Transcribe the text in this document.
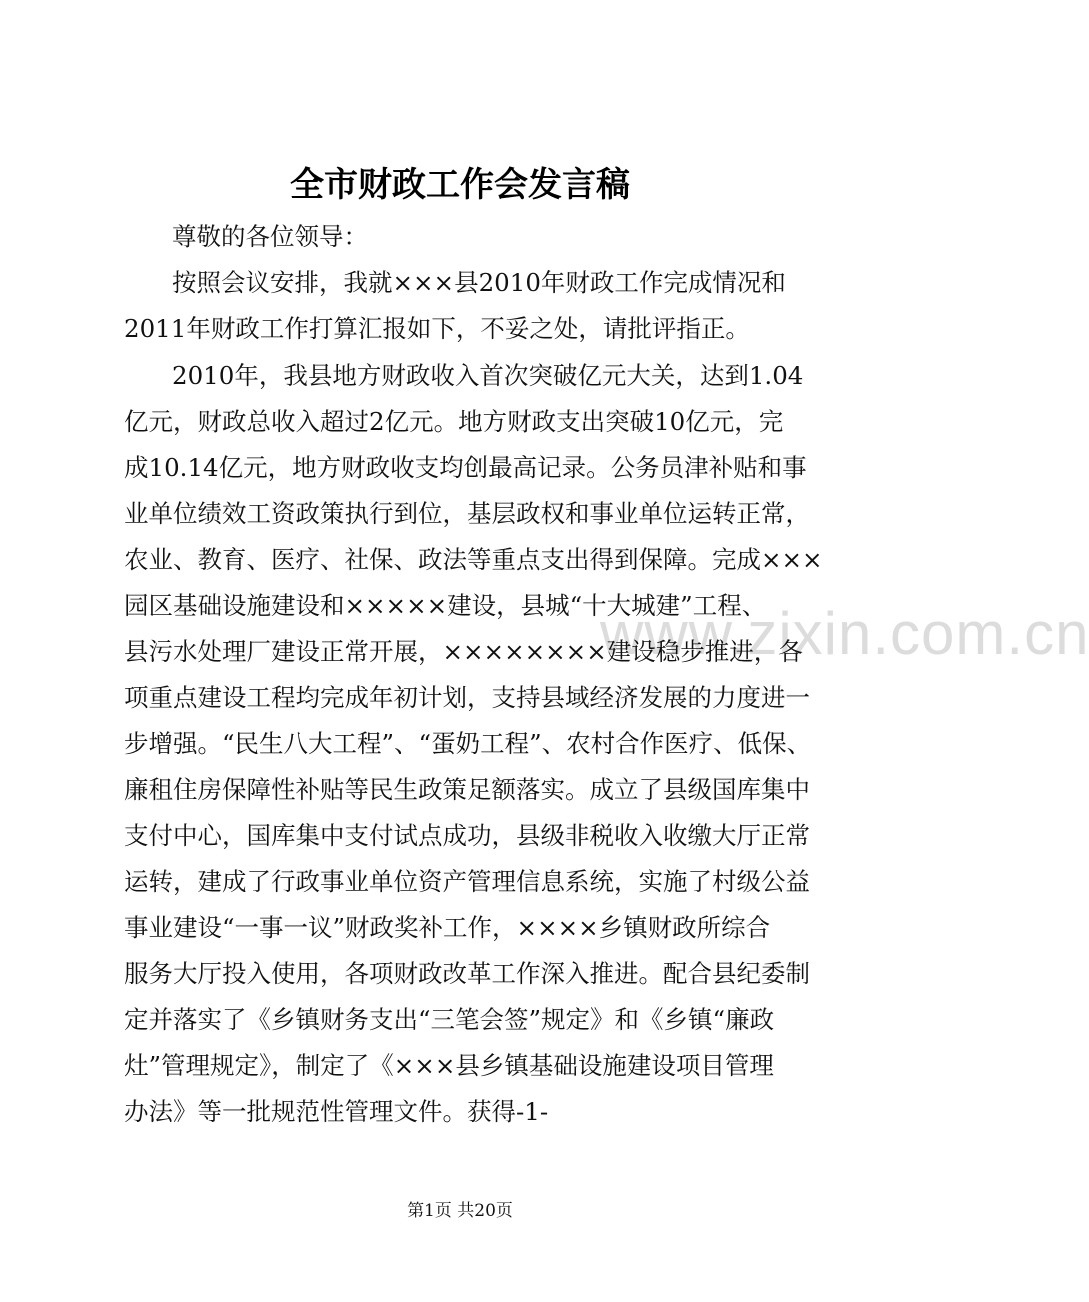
全市财政工作会发言稿
www.zixin.com.cn
尊敬的各位领导：
按照会议安排，我就×××县2010年财政工作完成情况和
2011年财政工作打算汇报如下，不妥之处，请批评指正。
2010年，我县地方财政收入首次突破亿元大关，达到1.04
亿元，财政总收入超过2亿元。地方财政支出突破10亿元，完
成10.14亿元，地方财政收支均创最高记录。公务员津补贴和事
业单位绩效工资政策执行到位，基层政权和事业单位运转正常，
农业、教育、医疗、社保、政法等重点支出得到保障。完成×××
园区基础设施建设和×××××建设，县城“十大城建”工程、
县污水处理厂建设正常开展，××××××××建设稳步推进，各
项重点建设工程均完成年初计划，支持县域经济发展的力度进一
步增强。“民生八大工程”、“蛋奶工程”、农村合作医疗、低保、
廉租住房保障性补贴等民生政策足额落实。成立了县级国库集中
支付中心，国库集中支付试点成功，县级非税收入收缴大厅正常
运转，建成了行政事业单位资产管理信息系统，实施了村级公益
事业建设“一事一议”财政奖补工作，××××乡镇财政所综合
服务大厅投入使用，各项财政改革工作深入推进。配合县纪委制
定并落实了《乡镇财务支出“三笔会签”规定》和《乡镇“廉政
灶”管理规定》，制定了《×××县乡镇基础设施建设项目管理
办法》等一批规范性管理文件。获得-1-
第1页 共20页
